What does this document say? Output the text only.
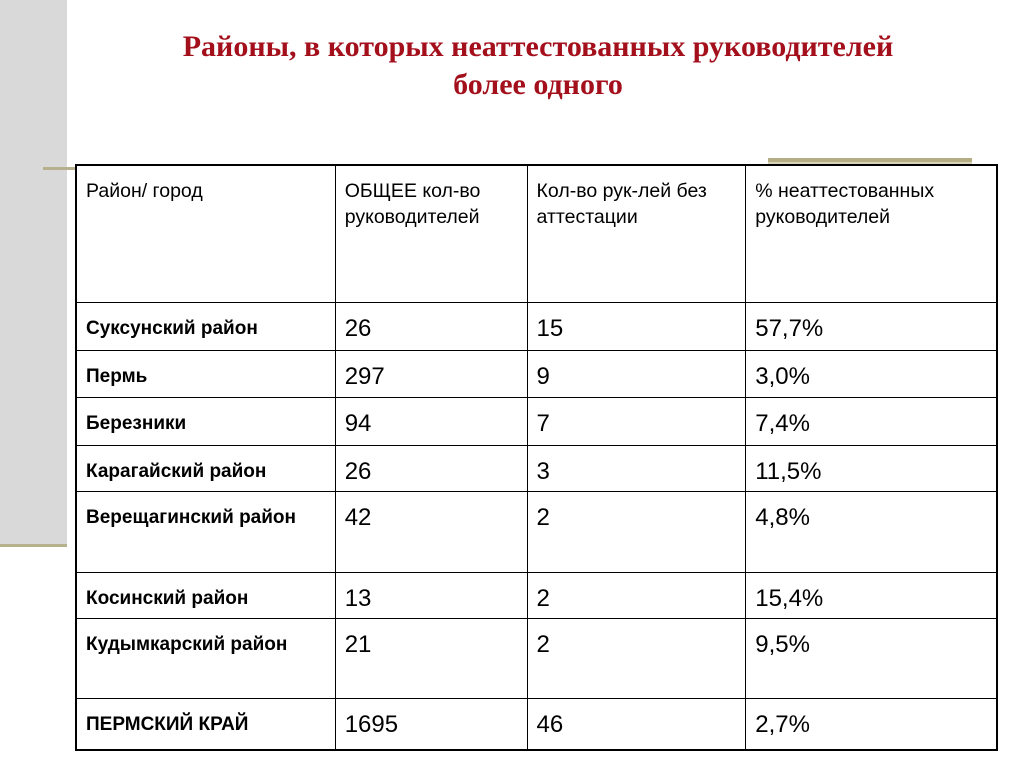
Районы, в которых неаттестованных руководителей
более одного
Район/ город	ОБЩЕЕ кол-во руководителей	Кол-во рук-лей без аттестации	% неаттестованных руководителей
Суксунский район	26	15	57,7%
Пермь	297	9	3,0%
Березники	94	7	7,4%
Карагайский район	26	3	11,5%
Верещагинский район	42	2	4,8%
Косинский район	13	2	15,4%
Кудымкарский район	21	2	9,5%
ПЕРМСКИЙ КРАЙ	1695	46	2,7%
